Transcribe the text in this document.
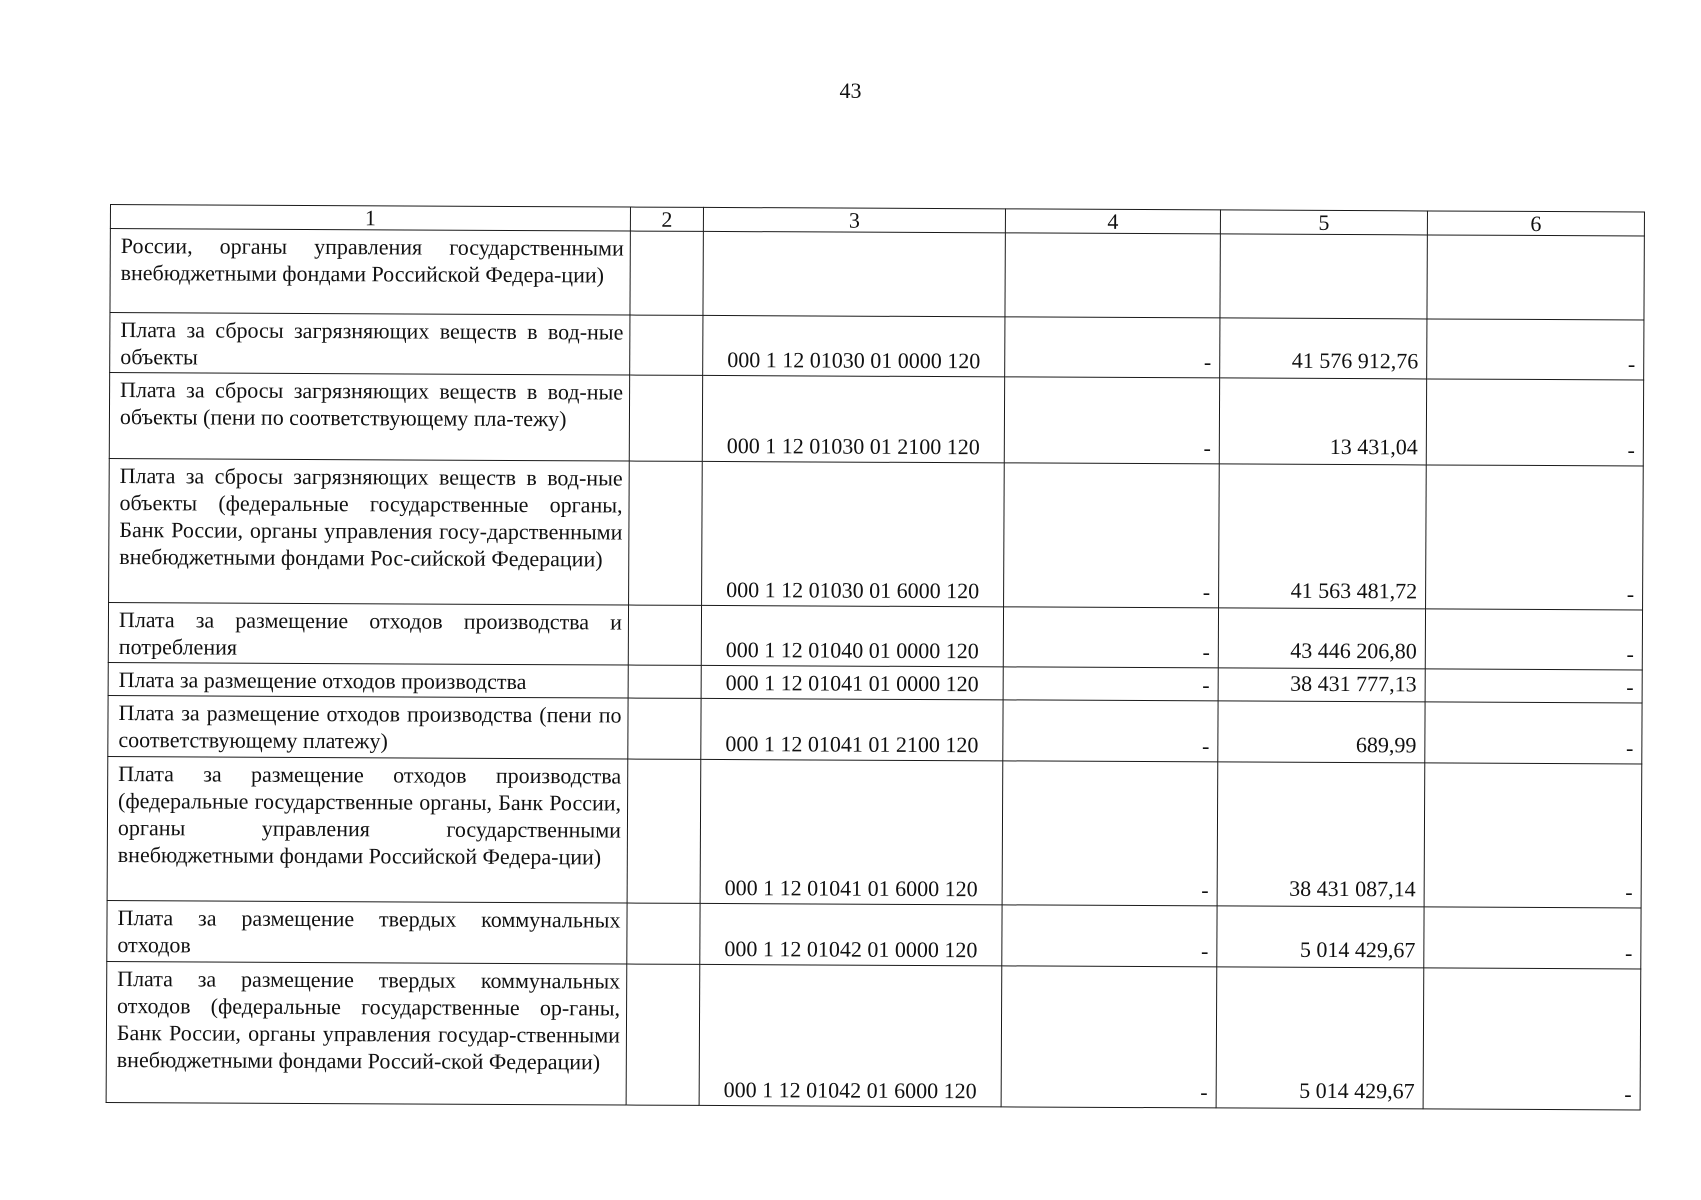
43
1	2	3	4	5	6
России, органы управления государственными внебюджетными фондами Российской Федера-ции)					
Плата за сбросы загрязняющих веществ в вод-ные объекты		000 1 12 01030 01 0000 120	-	41 576 912,76	-
Плата за сбросы загрязняющих веществ в вод-ные объекты (пени по соответствующему пла-тежу)		000 1 12 01030 01 2100 120	-	13 431,04	-
Плата за сбросы загрязняющих веществ в вод-ные объекты (федеральные государственные органы, Банк России, органы управления госу-дарственными внебюджетными фондами Рос-сийской Федерации)		000 1 12 01030 01 6000 120	-	41 563 481,72	-
Плата за размещение отходов производства и потребления		000 1 12 01040 01 0000 120	-	43 446 206,80	-
Плата за размещение отходов производства		000 1 12 01041 01 0000 120	-	38 431 777,13	-
Плата за размещение отходов производства (пени по соответствующему платежу)		000 1 12 01041 01 2100 120	-	689,99	-
Плата за размещение отходов производства (федеральные государственные органы, Банк России, органы управления государственными внебюджетными фондами Российской Федера-ции)		000 1 12 01041 01 6000 120	-	38 431 087,14	-
Плата за размещение твердых коммунальных отходов		000 1 12 01042 01 0000 120	-	5 014 429,67	-
Плата за размещение твердых коммунальных отходов (федеральные государственные ор-ганы, Банк России, органы управления государ-ственными внебюджетными фондами Россий-ской Федерации)		000 1 12 01042 01 6000 120	-	5 014 429,67	-
